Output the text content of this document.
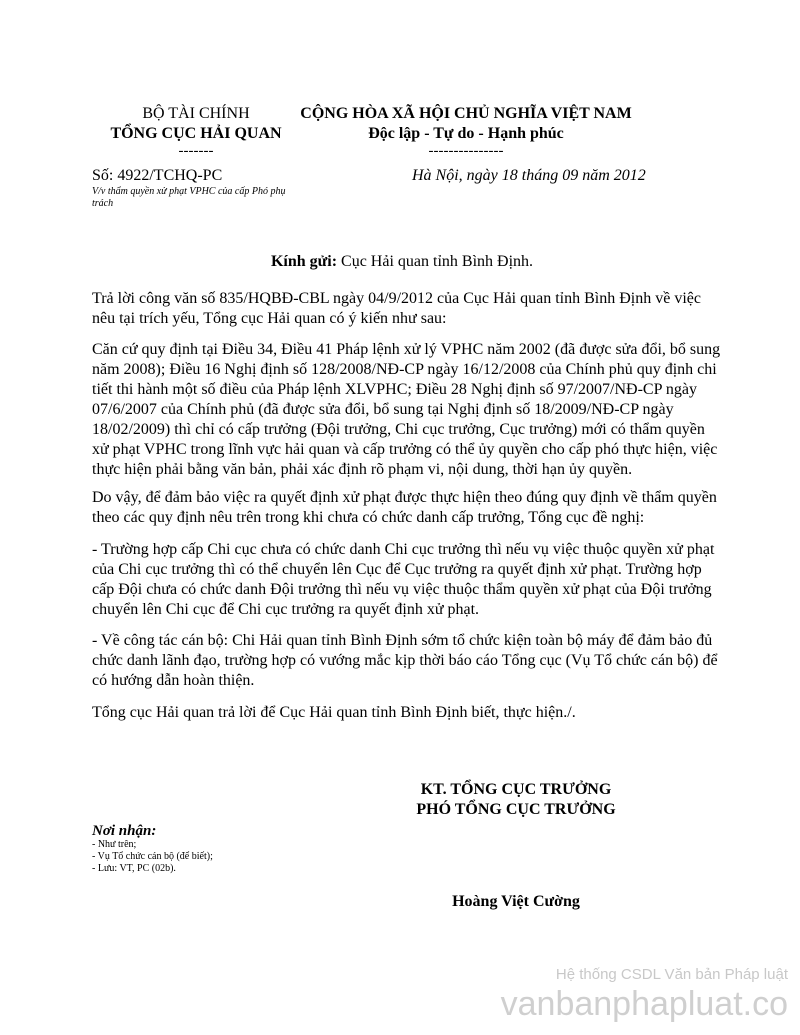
BỘ TÀI CHÍNH
TỔNG CỤC HẢI QUAN
-------
CỘNG HÒA XÃ HỘI CHỦ NGHĨA VIỆT NAM
Độc lập - Tự do - Hạnh phúc
---------------
Số: 4922/TCHQ-PC
V/v thẩm quyền xử phạt VPHC của cấp Phó phụ trách
Hà Nội, ngày 18 tháng 09 năm 2012
Kính gửi: Cục Hải quan tỉnh Bình Định.

Trả lời công văn số 835/HQBĐ-CBL ngày 04/9/2012 của Cục Hải quan tỉnh Bình Định về việc nêu tại trích yếu, Tổng cục Hải quan có ý kiến như sau:

Căn cứ quy định tại Điều 34, Điều 41 Pháp lệnh xử lý VPHC năm 2002 (đã được sửa đổi, bổ sung năm 2008); Điều 16 Nghị định số 128/2008/NĐ-CP ngày 16/12/2008 của Chính phủ quy định chi tiết thi hành một số điều của Pháp lệnh XLVPHC; Điều 28 Nghị định số 97/2007/NĐ-CP ngày 07/6/2007 của Chính phủ (đã được sửa đổi, bổ sung tại Nghị định số 18/2009/NĐ-CP ngày 18/02/2009) thì chỉ có cấp trưởng (Đội trưởng, Chi cục trưởng, Cục trưởng) mới có thẩm quyền xử phạt VPHC trong lĩnh vực hải quan và cấp trưởng có thể ủy quyền cho cấp phó thực hiện, việc thực hiện phải bằng văn bản, phải xác định rõ phạm vi, nội dung, thời hạn ủy quyền.

Do vậy, để đảm bảo việc ra quyết định xử phạt được thực hiện theo đúng quy định về thẩm quyền theo các quy định nêu trên trong khi chưa có chức danh cấp trưởng, Tổng cục đề nghị:

- Trường hợp cấp Chi cục chưa có chức danh Chi cục trưởng thì nếu vụ việc thuộc quyền xử phạt của Chi cục trưởng thì có thể chuyển lên Cục để Cục trưởng ra quyết định xử phạt. Trường hợp cấp Đội chưa có chức danh Đội trưởng thì nếu vụ việc thuộc thẩm quyền xử phạt của Đội trưởng chuyển lên Chi cục để Chi cục trưởng ra quyết định xử phạt.

- Về công tác cán bộ: Chi Hải quan tỉnh Bình Định sớm tổ chức kiện toàn bộ máy để đảm bảo đủ chức danh lãnh đạo, trường hợp có vướng mắc kịp thời báo cáo Tổng cục (Vụ Tổ chức cán bộ) để có hướng dẫn hoàn thiện.

Tổng cục Hải quan trả lời để Cục Hải quan tỉnh Bình Định biết, thực hiện./.

KT. TỔNG CỤC TRƯỞNG
PHÓ TỔNG CỤC TRƯỞNG
Hoàng Việt Cường
Nơi nhận:
- Như trên;
- Vụ Tổ chức cán bộ (để biết);
- Lưu: VT, PC (02b).
Hệ thống CSDL Văn bản Pháp luật
vanbanphapluat.co
